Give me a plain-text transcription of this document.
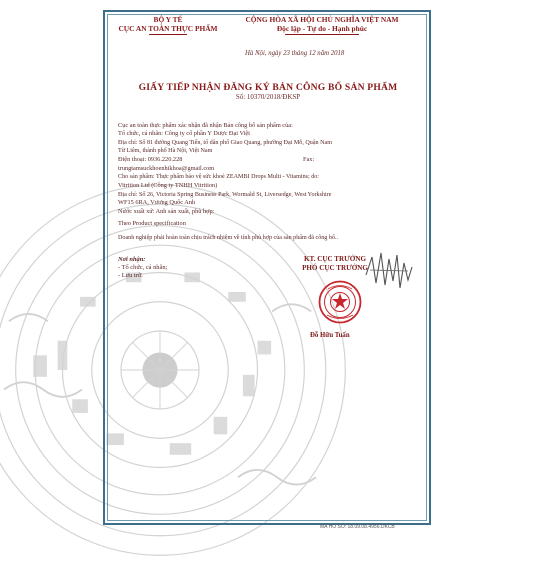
BỘ Y TẾ
CỤC AN TOÀN THỰC PHẨM
CỘNG HÒA XÃ HỘI CHỦ NGHĨA VIỆT NAM
Độc lập - Tự do - Hạnh phúc
Hà Nội, ngày 23 tháng 12 năm 2018
GIẤY TIẾP NHẬN ĐĂNG KÝ BẢN CÔNG BỐ SẢN PHẨM
Số: 10370/2018/ĐKSP
Cục an toàn thực phẩm xác nhận đã nhận Bản công bố sản phẩm của:
Tổ chức, cá nhân: Công ty cổ phần Y Dược Đại Việt
Địa chỉ: Số 81 đường Quang Tiến, tổ dân phố Giao Quang, phường Đại Mỗ, Quận Nam
Từ Liêm, thành phố Hà Nội, Việt Nam
Điện thoại: 0936.220.228	Fax:
trungtamsuckhoenhikhoa@gmail.com
Cho sản phẩm: Thực phẩm bảo vệ sức khoẻ ZEAMBI Drops Multi - Vitamins; do:
Vitrition Ltd (Công ty TNHH Vitrition)
Địa chỉ: Số 26, Victoria Spring Business Park, Wormald St, Liversedge, West Yorkshire
WF15 6RA, Vương Quốc Anh
Nước xuất xứ: Anh sản xuất, phù hợp:
Theo Product specification
Doanh nghiệp phải hoàn toàn chịu trách nhiệm về tính phù hợp của sản phẩm đã công bố..
Nơi nhận:
- Tổ chức, cá nhân;
- Lưu trữ.
KT. CỤC TRƯỞNG
PHÓ CỤC TRƯỞNG
Đỗ Hữu Tuấn
MA HO SO: 18.09.08.4956.DKCB
